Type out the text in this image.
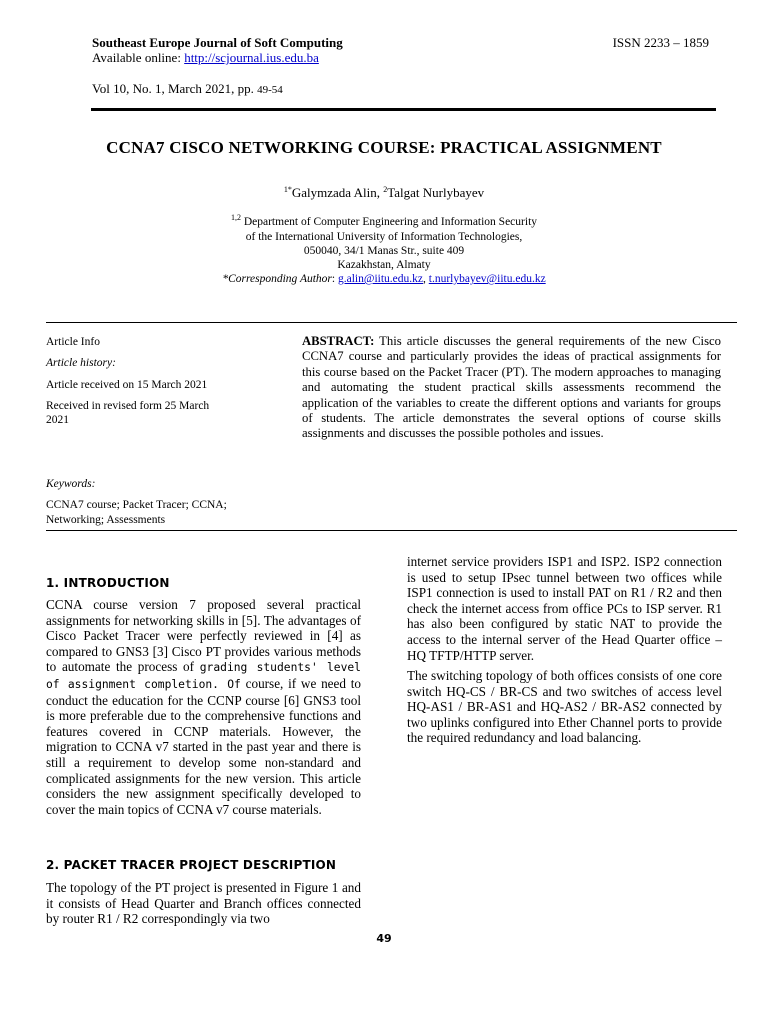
Southeast Europe Journal of Soft Computing
Available online: http://scjournal.ius.edu.ba
ISSN 2233 – 1859
Vol 10, No. 1, March 2021, pp. 49-54
CCNA7 CISCO NETWORKING COURSE: PRACTICAL ASSIGNMENT
$^{1*}$Galymzada Alin, $^2$Talgat Nurlybayev
$^{1,2}$ Department of Computer Engineering and Information Security
of the International University of Information Technologies,
050040, 34/1 Manas Str., suite 409
Kazakhstan, Almaty
*Corresponding Author: g.alin@iitu.edu.kz, t.nurlybayev@iitu.edu.kz
Article Info
Article history:
Article received on 15 March 2021
Received in revised form 25 March
2021
Keywords:
CCNA7 course; Packet Tracer; CCNA;
Networking; Assessments
ABSTRACT: This article discusses the general requirements of the new Cisco CCNA7 course and particularly provides the ideas of practical assignments for this course based on the Packet Tracer (PT). The modern approaches to managing and automating the student practical skills assessments recommend the application of the variables to create the different options and variants for groups of students. The article demonstrates the several options of course skills assignments and discusses the possible potholes and issues.
1. INTRODUCTION

CCNA course version 7 proposed several practical assignments for networking skills in [5]. The advantages of Cisco Packet Tracer were perfectly reviewed in [4] as compared to GNS3 [3] Cisco PT provides various methods to automate the process of grading students' level of assignment completion. Of course, if we need to conduct the education for the CCNP course [6] GNS3 tool is more preferable due to the comprehensive functions and features covered in CCNP materials. However, the migration to CCNA v7 started in the past year and there is still a requirement to develop some non-standard and complicated assignments for the new version. This article considers the new assignment specifically developed to cover the main topics of CCNA v7 course materials.

2. PACKET TRACER PROJECT DESCRIPTION

The topology of the PT project is presented in Figure 1 and it consists of Head Quarter and Branch offices connected by router R1 / R2 correspondingly via two

internet service providers ISP1 and ISP2. ISP2 connection is used to setup IPsec tunnel between two offices while ISP1 connection is used to install PAT on R1 / R2 and then check the internet access from office PCs to ISP server. R1 has also been configured by static NAT to provide the access to the internal server of the Head Quarter office – HQ TFTP/HTTP server.

The switching topology of both offices consists of one core switch HQ-CS / BR-CS and two switches of access level HQ-AS1 / BR-AS1 and HQ-AS2 / BR-AS2 connected by two uplinks configured into Ether Channel ports to provide the required redundancy and load balancing.

49
